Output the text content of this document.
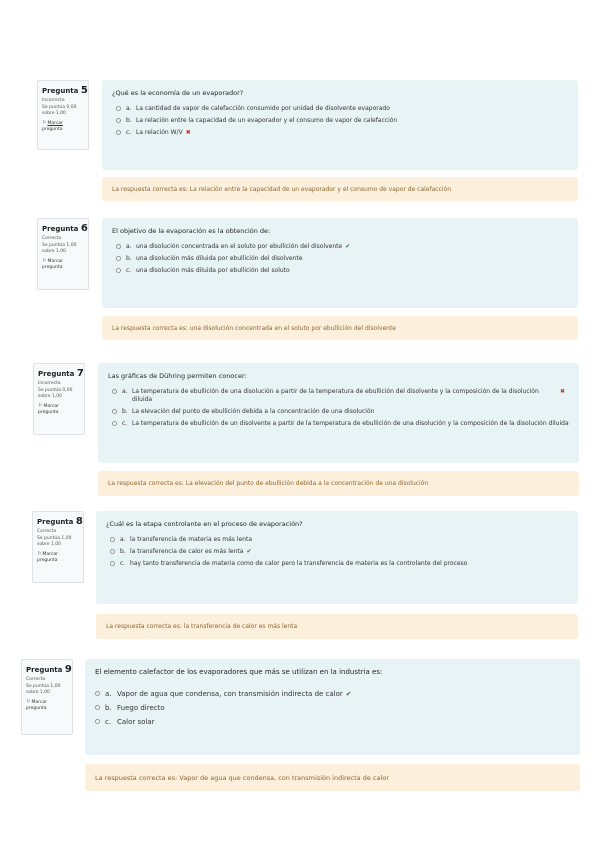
Pregunta 5
Incorrecta
Se puntúa 0,00
sobre 1,00
⚐Marcar
pregunta
¿Qué es la economía de un evaporador?
a. La cantidad de vapor de calefacción consumido por unidad de disolvente evaporado
b. La relación entre la capacidad de un evaporador y el consumo de vapor de calefacción
c. La relación W/V ✖
La respuesta correcta es: La relación entre la capacidad de un evaporador y el consumo de vapor de calefacción
Pregunta 6
Correcta
Se puntúa 1,00
sobre 1,00
⚐Marcar
pregunta
El objetivo de la evaporación es la obtención de:
a. una disolución concentrada en el soluto por ebullición del disolvente ✔
b. una disolución más diluida por ebullición del disolvente
c. una disolución más diluida por ebullición del soluto
La respuesta correcta es: una disolución concentrada en el soluto por ebullición del disolvente
Pregunta 7
Incorrecta
Se puntúa 0,00
sobre 1,00
⚐Marcar
pregunta
Las gráficas de Dühring permiten conocer:
a. La temperatura de ebullición de una disolución a partir de la temperatura de ebullición del disolvente y la composición de la disolución diluida
✖
b. La elevación del punto de ebullición debida a la concentración de una disolución
c. La temperatura de ebullición de un disolvente a partir de la temperatura de ebullición de una disolución y la composición de la disolución diluida
La respuesta correcta es: La elevación del punto de ebullición debida a la concentración de una disolución
Pregunta 8
Correcta
Se puntúa 1,00
sobre 1,00
⚐Marcar
pregunta
¿Cuál es la etapa controlante en el proceso de evaporación?
a. la transferencia de materia es más lenta
b. la transferencia de calor es más lenta ✔
c. hay tanto transferencia de materia como de calor pero la transferencia de materia es la controlante del proceso
La respuesta correcta es: la transferencia de calor es más lenta
Pregunta 9
Correcta
Se puntúa 1,00
sobre 1,00
⚐Marcar
pregunta
El elemento calefactor de los evaporadores que más se utilizan en la industria es:
a. Vapor de agua que condensa, con transmisión indirecta de calor ✔
b. Fuego directo
c. Calor solar
La respuesta correcta es: Vapor de agua que condensa, con transmisión indirecta de calor
